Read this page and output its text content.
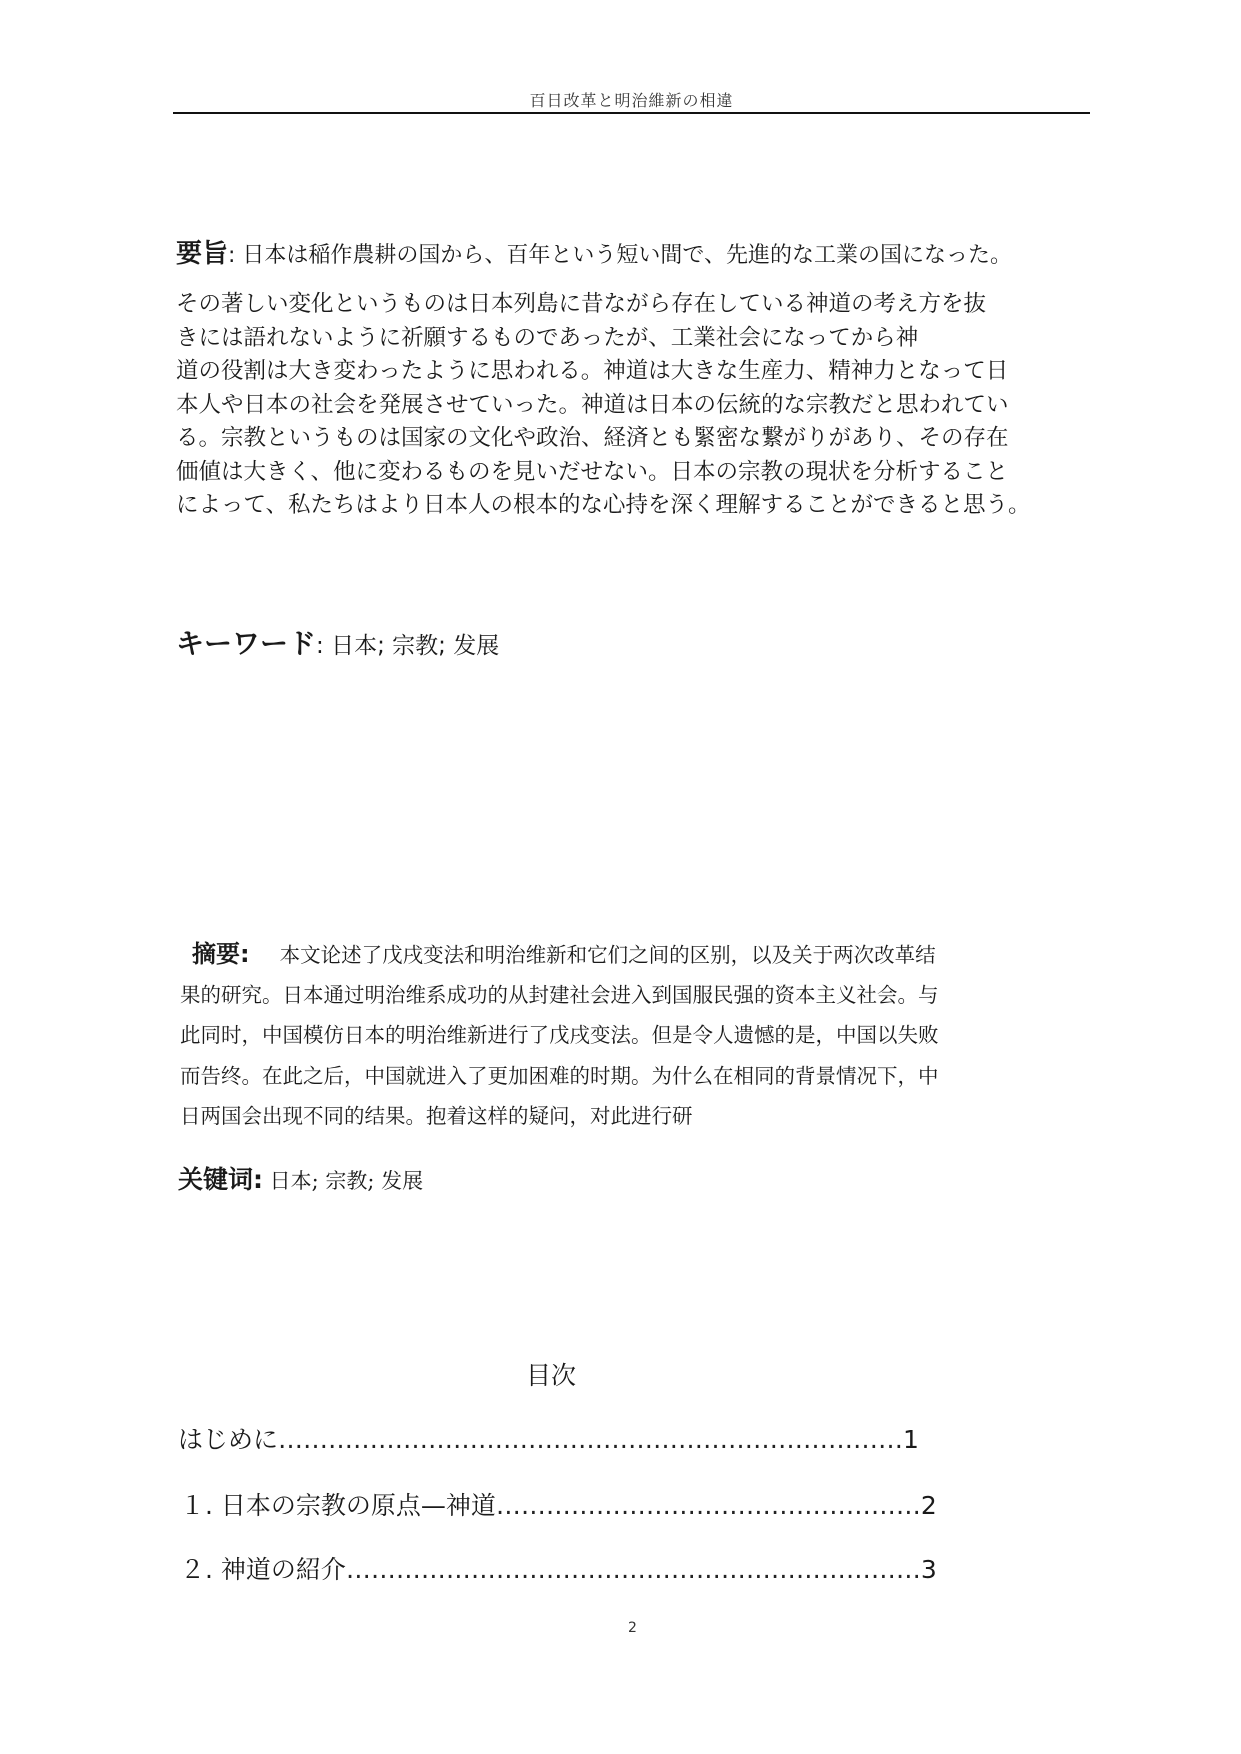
百日改革と明治維新の相違
要旨: 日本は稲作農耕の国から、百年という短い間で、先進的な工業の国になった。
その著しい変化というものは日本列島に昔ながら存在している神道の考え方を抜
きには語れないように祈願するものであったが、工業社会になってから神
道の役割は大き変わったように思われる。神道は大きな生産力、精神力となって日
本人や日本の社会を発展させていった。神道は日本の伝統的な宗教だと思われてい
る。宗教というものは国家の文化や政治、経済とも緊密な繋がりがあり、その存在
価値は大きく、他に変わるものを見いだせない。日本の宗教の現状を分析すること
によって、私たちはより日本人の根本的な心持を深く理解することができると思う。
キーワード: 日本; 宗教; 发展
摘要: 本文论述了戊戌变法和明治维新和它们之间的区别，以及关于两次改革结
果的研究。日本通过明治维系成功的从封建社会进入到国服民强的资本主义社会。与
此同时，中国模仿日本的明治维新进行了戊戌变法。但是令人遗憾的是，中国以失败
而告终。在此之后，中国就进入了更加困难的时期。为什么在相同的背景情况下，中
日两国会出现不同的结果。抱着这样的疑问，对此进行研
关键词: 日本; 宗教; 发展
目次
はじめに…………………………………………………………………1
１. 日本の宗教の原点—神道……………………………………………2
２. 神道の紹介……………………………………………………………3
2
